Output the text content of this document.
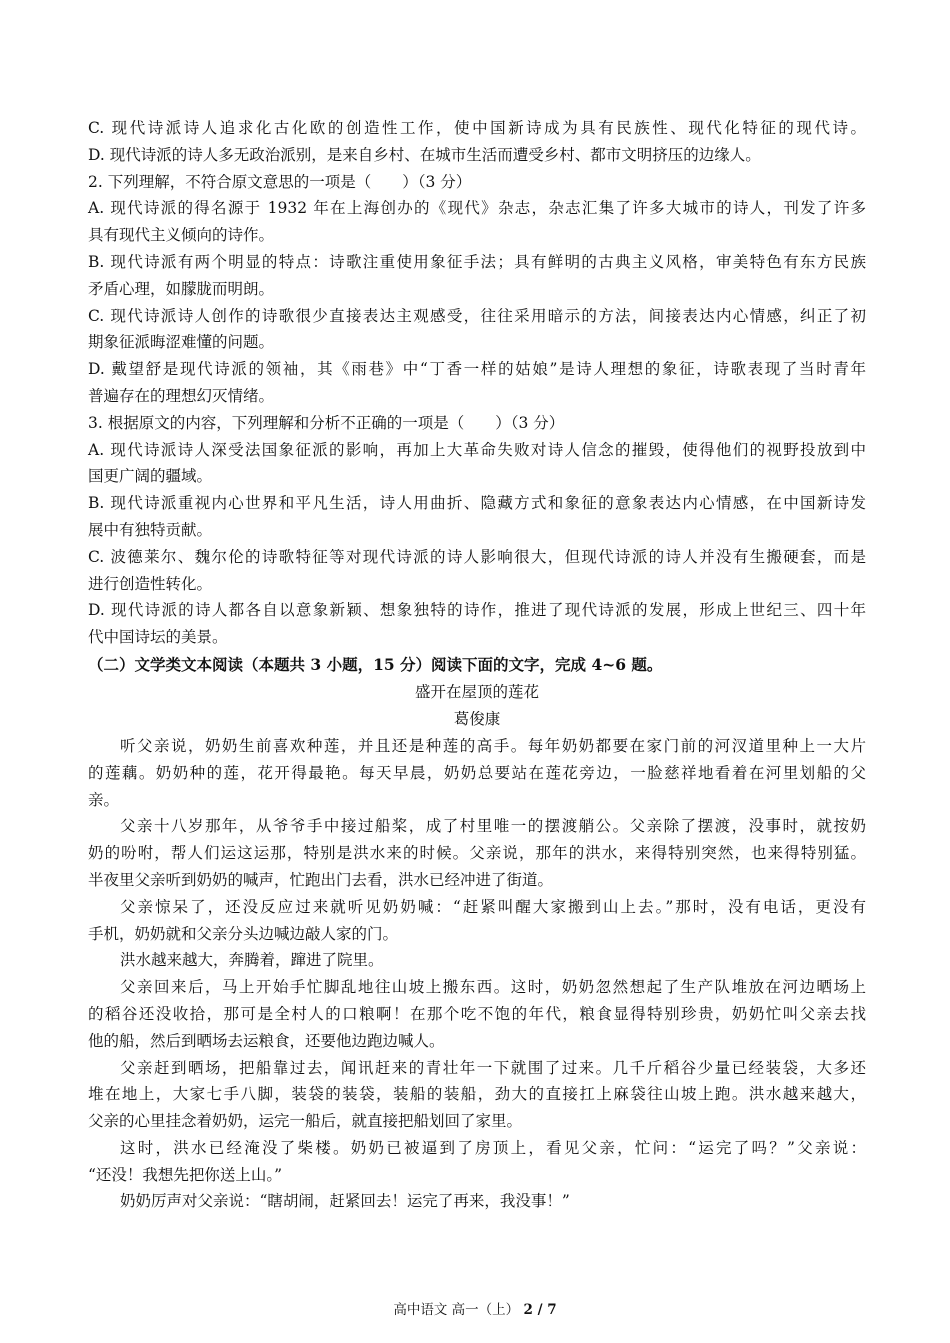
C. 现代诗派诗人追求化古化欧的创造性工作，使中国新诗成为具有民族性、现代化特征的现代诗。
D. 现代诗派的诗人多无政治派别，是来自乡村、在城市生活而遭受乡村、都市文明挤压的边缘人。
2. 下列理解，不符合原文意思的一项是（　　）（3 分）
A. 现代诗派的得名源于 1932 年在上海创办的《现代》杂志，杂志汇集了许多大城市的诗人，刊发了许多
具有现代主义倾向的诗作。
B. 现代诗派有两个明显的特点：诗歌注重使用象征手法；具有鲜明的古典主义风格，审美特色有东方民族
矛盾心理，如朦胧而明朗。
C. 现代诗派诗人创作的诗歌很少直接表达主观感受，往往采用暗示的方法，间接表达内心情感，纠正了初
期象征派晦涩难懂的问题。
D. 戴望舒是现代诗派的领袖，其《雨巷》中“丁香一样的姑娘”是诗人理想的象征，诗歌表现了当时青年
普遍存在的理想幻灭情绪。
3. 根据原文的内容，下列理解和分析不正确的一项是（　　）（3 分）
A. 现代诗派诗人深受法国象征派的影响，再加上大革命失败对诗人信念的摧毁，使得他们的视野投放到中
国更广阔的疆域。
B. 现代诗派重视内心世界和平凡生活，诗人用曲折、隐藏方式和象征的意象表达内心情感，在中国新诗发
展中有独特贡献。
C. 波德莱尔、魏尔伦的诗歌特征等对现代诗派的诗人影响很大，但现代诗派的诗人并没有生搬硬套，而是
进行创造性转化。
D. 现代诗派的诗人都各自以意象新颖、想象独特的诗作，推进了现代诗派的发展，形成上世纪三、四十年
代中国诗坛的美景。
（二）文学类文本阅读（本题共 3 小题，15 分）阅读下面的文字，完成 4~6 题。
盛开在屋顶的莲花
葛俊康
听父亲说，奶奶生前喜欢种莲，并且还是种莲的高手。每年奶奶都要在家门前的河汊道里种上一大片
的莲藕。奶奶种的莲，花开得最艳。每天早晨，奶奶总要站在莲花旁边，一脸慈祥地看着在河里划船的父
亲。
父亲十八岁那年，从爷爷手中接过船桨，成了村里唯一的摆渡艄公。父亲除了摆渡，没事时，就按奶
奶的吩咐，帮人们运这运那，特别是洪水来的时候。父亲说，那年的洪水，来得特别突然，也来得特别猛。
半夜里父亲听到奶奶的喊声，忙跑出门去看，洪水已经冲进了街道。
父亲惊呆了，还没反应过来就听见奶奶喊：“赶紧叫醒大家搬到山上去。”那时，没有电话，更没有
手机，奶奶就和父亲分头边喊边敲人家的门。
洪水越来越大，奔腾着，蹿进了院里。
父亲回来后，马上开始手忙脚乱地往山坡上搬东西。这时，奶奶忽然想起了生产队堆放在河边晒场上
的稻谷还没收拾，那可是全村人的口粮啊！在那个吃不饱的年代，粮食显得特别珍贵，奶奶忙叫父亲去找
他的船，然后到晒场去运粮食，还要他边跑边喊人。
父亲赶到晒场，把船靠过去，闻讯赶来的青壮年一下就围了过来。几千斤稻谷少量已经装袋，大多还
堆在地上，大家七手八脚，装袋的装袋，装船的装船，劲大的直接扛上麻袋往山坡上跑。洪水越来越大，
父亲的心里挂念着奶奶，运完一船后，就直接把船划回了家里。
这时，洪水已经淹没了柴楼。奶奶已被逼到了房顶上，看见父亲，忙问：“运完了吗？”父亲说：
“还没！我想先把你送上山。”
奶奶厉声对父亲说：“瞎胡闹，赶紧回去！运完了再来，我没事！”
高中语文 高一（上） 2 / 7
